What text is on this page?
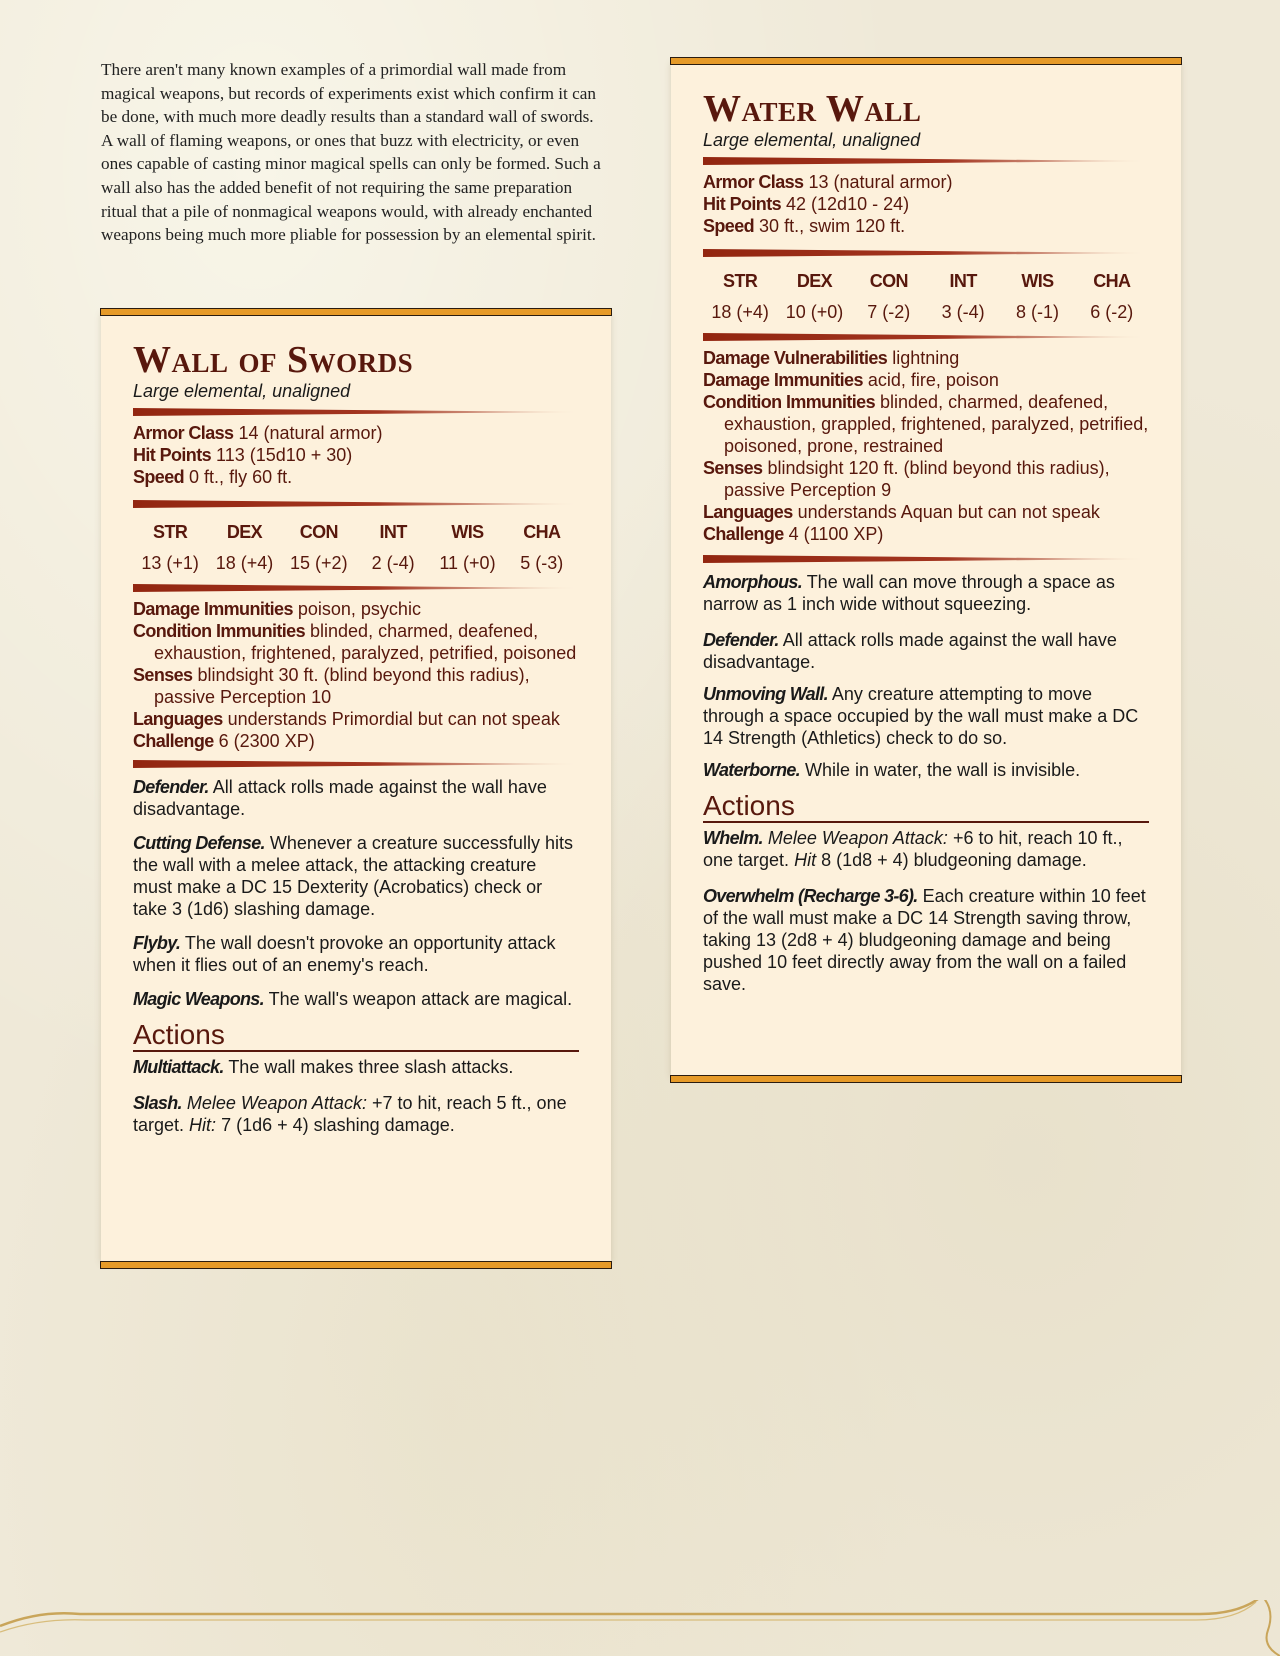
There aren't many known examples of a primordial wall made from magical weapons, but records of experiments exist which confirm it can be done, with much more deadly results than a standard wall of swords. A wall of flaming weapons, or ones that buzz with electricity, or even ones capable of casting minor magical spells can only be formed. Such a wall also has the added benefit of not requiring the same preparation ritual that a pile of nonmagical weapons would, with already enchanted weapons being much more pliable for possession by an elemental spirit.
Wall of Swords
Large elemental, unaligned
Armor Class 14 (natural armor)
Hit Points 113 (15d10 + 30)
Speed 0 ft., fly 60 ft.
STR
13 (+1)
DEX
18 (+4)
CON
15 (+2)
INT
2 (-4)
WIS
11 (+0)
CHA
5 (-3)
Damage Immunities poison, psychic
Condition Immunities blinded, charmed, deafened, exhaustion, frightened, paralyzed, petrified, poisoned
Senses blindsight 30 ft. (blind beyond this radius), passive Perception 10
Languages understands Primordial but can not speak
Challenge 6 (2300 XP)
Defender. All attack rolls made against the wall have disadvantage.
Cutting Defense. Whenever a creature successfully hits the wall with a melee attack, the attacking creature must make a DC 15 Dexterity (Acrobatics) check or take 3 (1d6) slashing damage.
Flyby. The wall doesn't provoke an opportunity attack when it flies out of an enemy's reach.
Magic Weapons. The wall's weapon attack are magical.
Actions
Multiattack. The wall makes three slash attacks.
Slash. Melee Weapon Attack: +7 to hit, reach 5 ft., one target. Hit: 7 (1d6 + 4) slashing damage.
Water Wall
Large elemental, unaligned
Armor Class 13 (natural armor)
Hit Points 42 (12d10 - 24)
Speed 30 ft., swim 120 ft.
STR
18 (+4)
DEX
10 (+0)
CON
7 (-2)
INT
3 (-4)
WIS
8 (-1)
CHA
6 (-2)
Damage Vulnerabilities lightning
Damage Immunities acid, fire, poison
Condition Immunities blinded, charmed, deafened, exhaustion, grappled, frightened, paralyzed, petrified, poisoned, prone, restrained
Senses blindsight 120 ft. (blind beyond this radius), passive Perception 9
Languages understands Aquan but can not speak
Challenge 4 (1100 XP)
Amorphous. The wall can move through a space as narrow as 1 inch wide without squeezing.
Defender. All attack rolls made against the wall have disadvantage.
Unmoving Wall. Any creature attempting to move through a space occupied by the wall must make a DC 14 Strength (Athletics) check to do so.
Waterborne. While in water, the wall is invisible.
Actions
Whelm. Melee Weapon Attack: +6 to hit, reach 10 ft., one target. Hit 8 (1d8 + 4) bludgeoning damage.
Overwhelm (Recharge 3-6). Each creature within 10 feet of the wall must make a DC 14 Strength saving throw, taking 13 (2d8 + 4) bludgeoning damage and being pushed 10 feet directly away from the wall on a failed save.
